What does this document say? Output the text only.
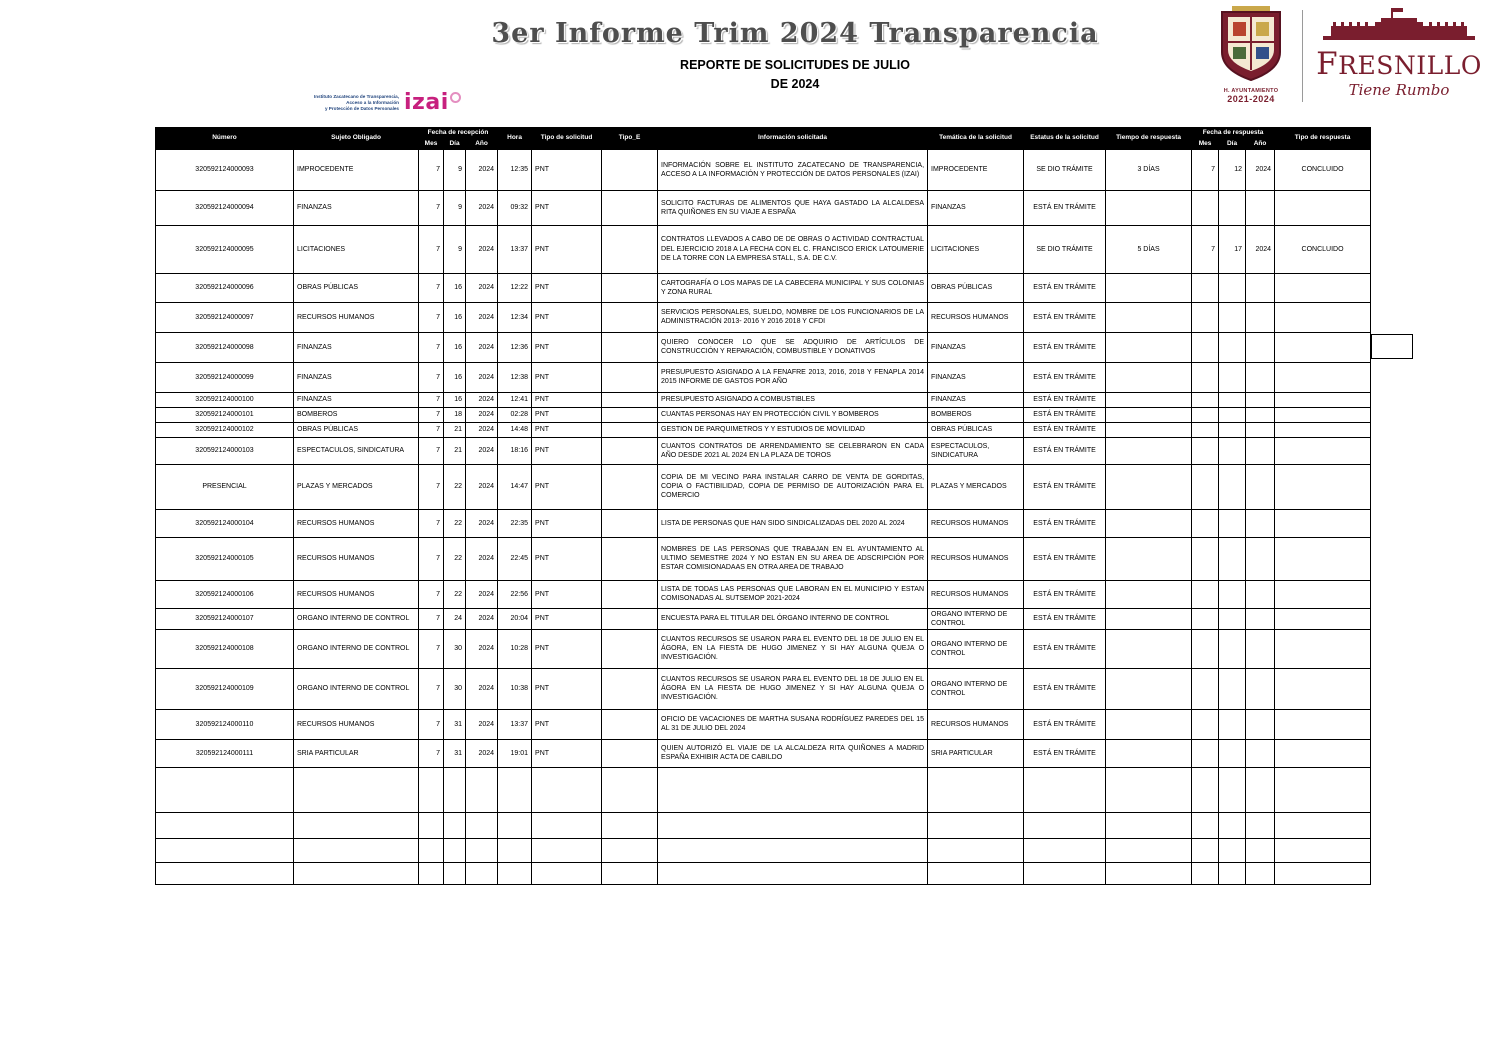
Instituto Zacatecano de Transparencia,
Acceso a la Información
y Protección de Datos Personales izai
3er Informe Trim 2024 Transparencia
REPORTE DE SOLICITUDES DE JULIO
DE 2024	H. AYUNTAMIENTO
2021-2024
FRESNILLO
Tiene Rumbo
Número	Sujeto Obligado	Fecha de recepción			Hora	Tipo de solicitud	Tipo_E	Información solicitada	Temática de la solicitud	Estatus de la solicitud	Tiempo de respuesta	Fecha de respuesta			Tipo de respuesta
		Mes	Día	Año								Mes	Día	Año	
320592124000093	IMPROCEDENTE	7	9	2024	12:35	PNT		INFORMACIÓN SOBRE EL INSTITUTO ZACATECANO DE TRANSPARENCIA, ACCESO A LA INFORMACIÓN Y PROTECCIÓN DE DATOS PERSONALES (IZAI)	IMPROCEDENTE	SE DIO TRÁMITE	3 DÍAS	7	12	2024	CONCLUIDO
320592124000094	FINANZAS	7	9	2024	09:32	PNT		SOLICITO FACTURAS DE ALIMENTOS QUE HAYA GASTADO LA ALCALDESA RITA QUIÑONES EN SU VIAJE A ESPAÑA	FINANZAS	ESTÁ EN TRÁMITE					
320592124000095	LICITACIONES	7	9	2024	13:37	PNT		CONTRATOS LLEVADOS A CABO DE DE OBRAS O ACTIVIDAD CONTRACTUAL DEL EJERCICIO 2018 A LA FECHA CON EL C. FRANCISCO ERICK LATOUMERIE DE LA TORRE CON LA EMPRESA STALL, S.A. DE C.V.	LICITACIONES	SE DIO TRÁMITE	5 DÍAS	7	17	2024	CONCLUIDO
320592124000096	OBRAS PÚBLICAS	7	16	2024	12:22	PNT		CARTOGRAFÍA O LOS MAPAS DE LA CABECERA MUNICIPAL Y SUS COLONIAS Y ZONA RURAL	OBRAS PÚBLICAS	ESTÁ EN TRÁMITE					
320592124000097	RECURSOS HUMANOS	7	16	2024	12:34	PNT		SERVICIOS PERSONALES, SUELDO, NOMBRE DE LOS FUNCIONARIOS DE LA ADMINISTRACIÓN 2013- 2016 Y 2016 2018 Y CFDI	RECURSOS HUMANOS	ESTÁ EN TRÁMITE					
320592124000098	FINANZAS	7	16	2024	12:36	PNT		QUIERO CONOCER LO QUE SE ADQUIRIO DE ARTÍCULOS DE CONSTRUCCIÓN Y REPARACIÓN, COMBUSTIBLE Y DONATIVOS	FINANZAS	ESTÁ EN TRÁMITE					
320592124000099	FINANZAS	7	16	2024	12:38	PNT		PRESUPUESTO ASIGNADO A LA FENAFRE 2013, 2016, 2018 Y FENAPLA 2014 2015 INFORME DE GASTOS POR AÑO	FINANZAS	ESTÁ EN TRÁMITE					
320592124000100	FINANZAS	7	16	2024	12:41	PNT		PRESUPUESTO ASIGNADO A COMBUSTIBLES	FINANZAS	ESTÁ EN TRÁMITE					
320592124000101	BOMBEROS	7	18	2024	02:28	PNT		CUANTAS PERSONAS HAY EN PROTECCIÓN CIVIL Y BOMBEROS	BOMBEROS	ESTÁ EN TRÁMITE					
320592124000102	OBRAS PÚBLICAS	7	21	2024	14:48	PNT		GESTION DE PARQUIMETROS Y Y ESTUDIOS DE MOVILIDAD	OBRAS PÚBLICAS	ESTÁ EN TRÁMITE					
320592124000103	ESPECTACULOS, SINDICATURA	7	21	2024	18:16	PNT		CUANTOS CONTRATOS DE ARRENDAMIENTO SE CELEBRARON EN CADA AÑO DESDE 2021 AL 2024 EN LA PLAZA DE TOROS	ESPECTACULOS, SINDICATURA	ESTÁ EN TRÁMITE					
PRESENCIAL	PLAZAS Y MERCADOS	7	22	2024	14:47	PNT		COPIA DE MI VECINO PARA INSTALAR CARRO DE VENTA DE GORDITAS, COPIA O FACTIBILIDAD, COPIA DE PERMISO DE AUTORIZACIÓN PARA EL COMERCIO	PLAZAS Y MERCADOS	ESTÁ EN TRÁMITE					
320592124000104	RECURSOS HUMANOS	7	22	2024	22:35	PNT		LISTA DE PERSONAS QUE HAN SIDO SINDICALIZADAS DEL 2020 AL 2024	RECURSOS HUMANOS	ESTÁ EN TRÁMITE					
320592124000105	RECURSOS HUMANOS	7	22	2024	22:45	PNT		NOMBRES DE LAS PERSONAS QUE TRABAJAN EN EL AYUNTAMIENTO AL ULTIMO SEMESTRE 2024 Y NO ESTAN EN SU AREA DE ADSCRIPCIÓN POR ESTAR COMISIONADAAS EN OTRA AREA DE TRABAJO	RECURSOS HUMANOS	ESTÁ EN TRÁMITE					
320592124000106	RECURSOS HUMANOS	7	22	2024	22:56	PNT		LISTA DE TODAS LAS PERSONAS QUE LABORAN EN EL MUNICIPIO Y ESTAN COMISONADAS AL SUTSEMOP 2021-2024	RECURSOS HUMANOS	ESTÁ EN TRÁMITE					
320592124000107	ORGANO INTERNO DE CONTROL	7	24	2024	20:04	PNT		ENCUESTA PARA EL TITULAR DEL ÓRGANO INTERNO DE CONTROL	ORGANO INTERNO DE CONTROL	ESTÁ EN TRÁMITE					
320592124000108	ORGANO INTERNO DE CONTROL	7	30	2024	10:28	PNT		CUANTOS RECURSOS SE USARON PARA EL EVENTO DEL 18 DE JULIO EN EL ÁGORA, EN LA FIESTA DE HUGO JIMENEZ Y SI HAY ALGUNA QUEJA O INVESTIGACIÓN.	ORGANO INTERNO DE CONTROL	ESTÁ EN TRÁMITE					
320592124000109	ORGANO INTERNO DE CONTROL	7	30	2024	10:38	PNT		CUANTOS RECURSOS SE USARON PARA EL EVENTO DEL 18 DE JULIO EN EL ÁGORA EN LA FIESTA DE HUGO JIMENEZ Y SI HAY ALGUNA QUEJA O INVESTIGACIÓN.	ORGANO INTERNO DE CONTROL	ESTÁ EN TRÁMITE					
320592124000110	RECURSOS HUMANOS	7	31	2024	13:37	PNT		OFICIO DE VACACIONES DE MARTHA SUSANA RODRÍGUEZ PAREDES DEL 15 AL 31 DE JULIO DEL 2024	RECURSOS HUMANOS	ESTÁ EN TRÁMITE					
320592124000111	SRIA PARTICULAR	7	31	2024	19:01	PNT		QUIEN AUTORIZÓ EL VIAJE DE LA ALCALDEZA RITA QUIÑONES A MADRID ESPAÑA EXHIBIR ACTA DE CABILDO	SRIA PARTICULAR	ESTÁ EN TRÁMITE					
